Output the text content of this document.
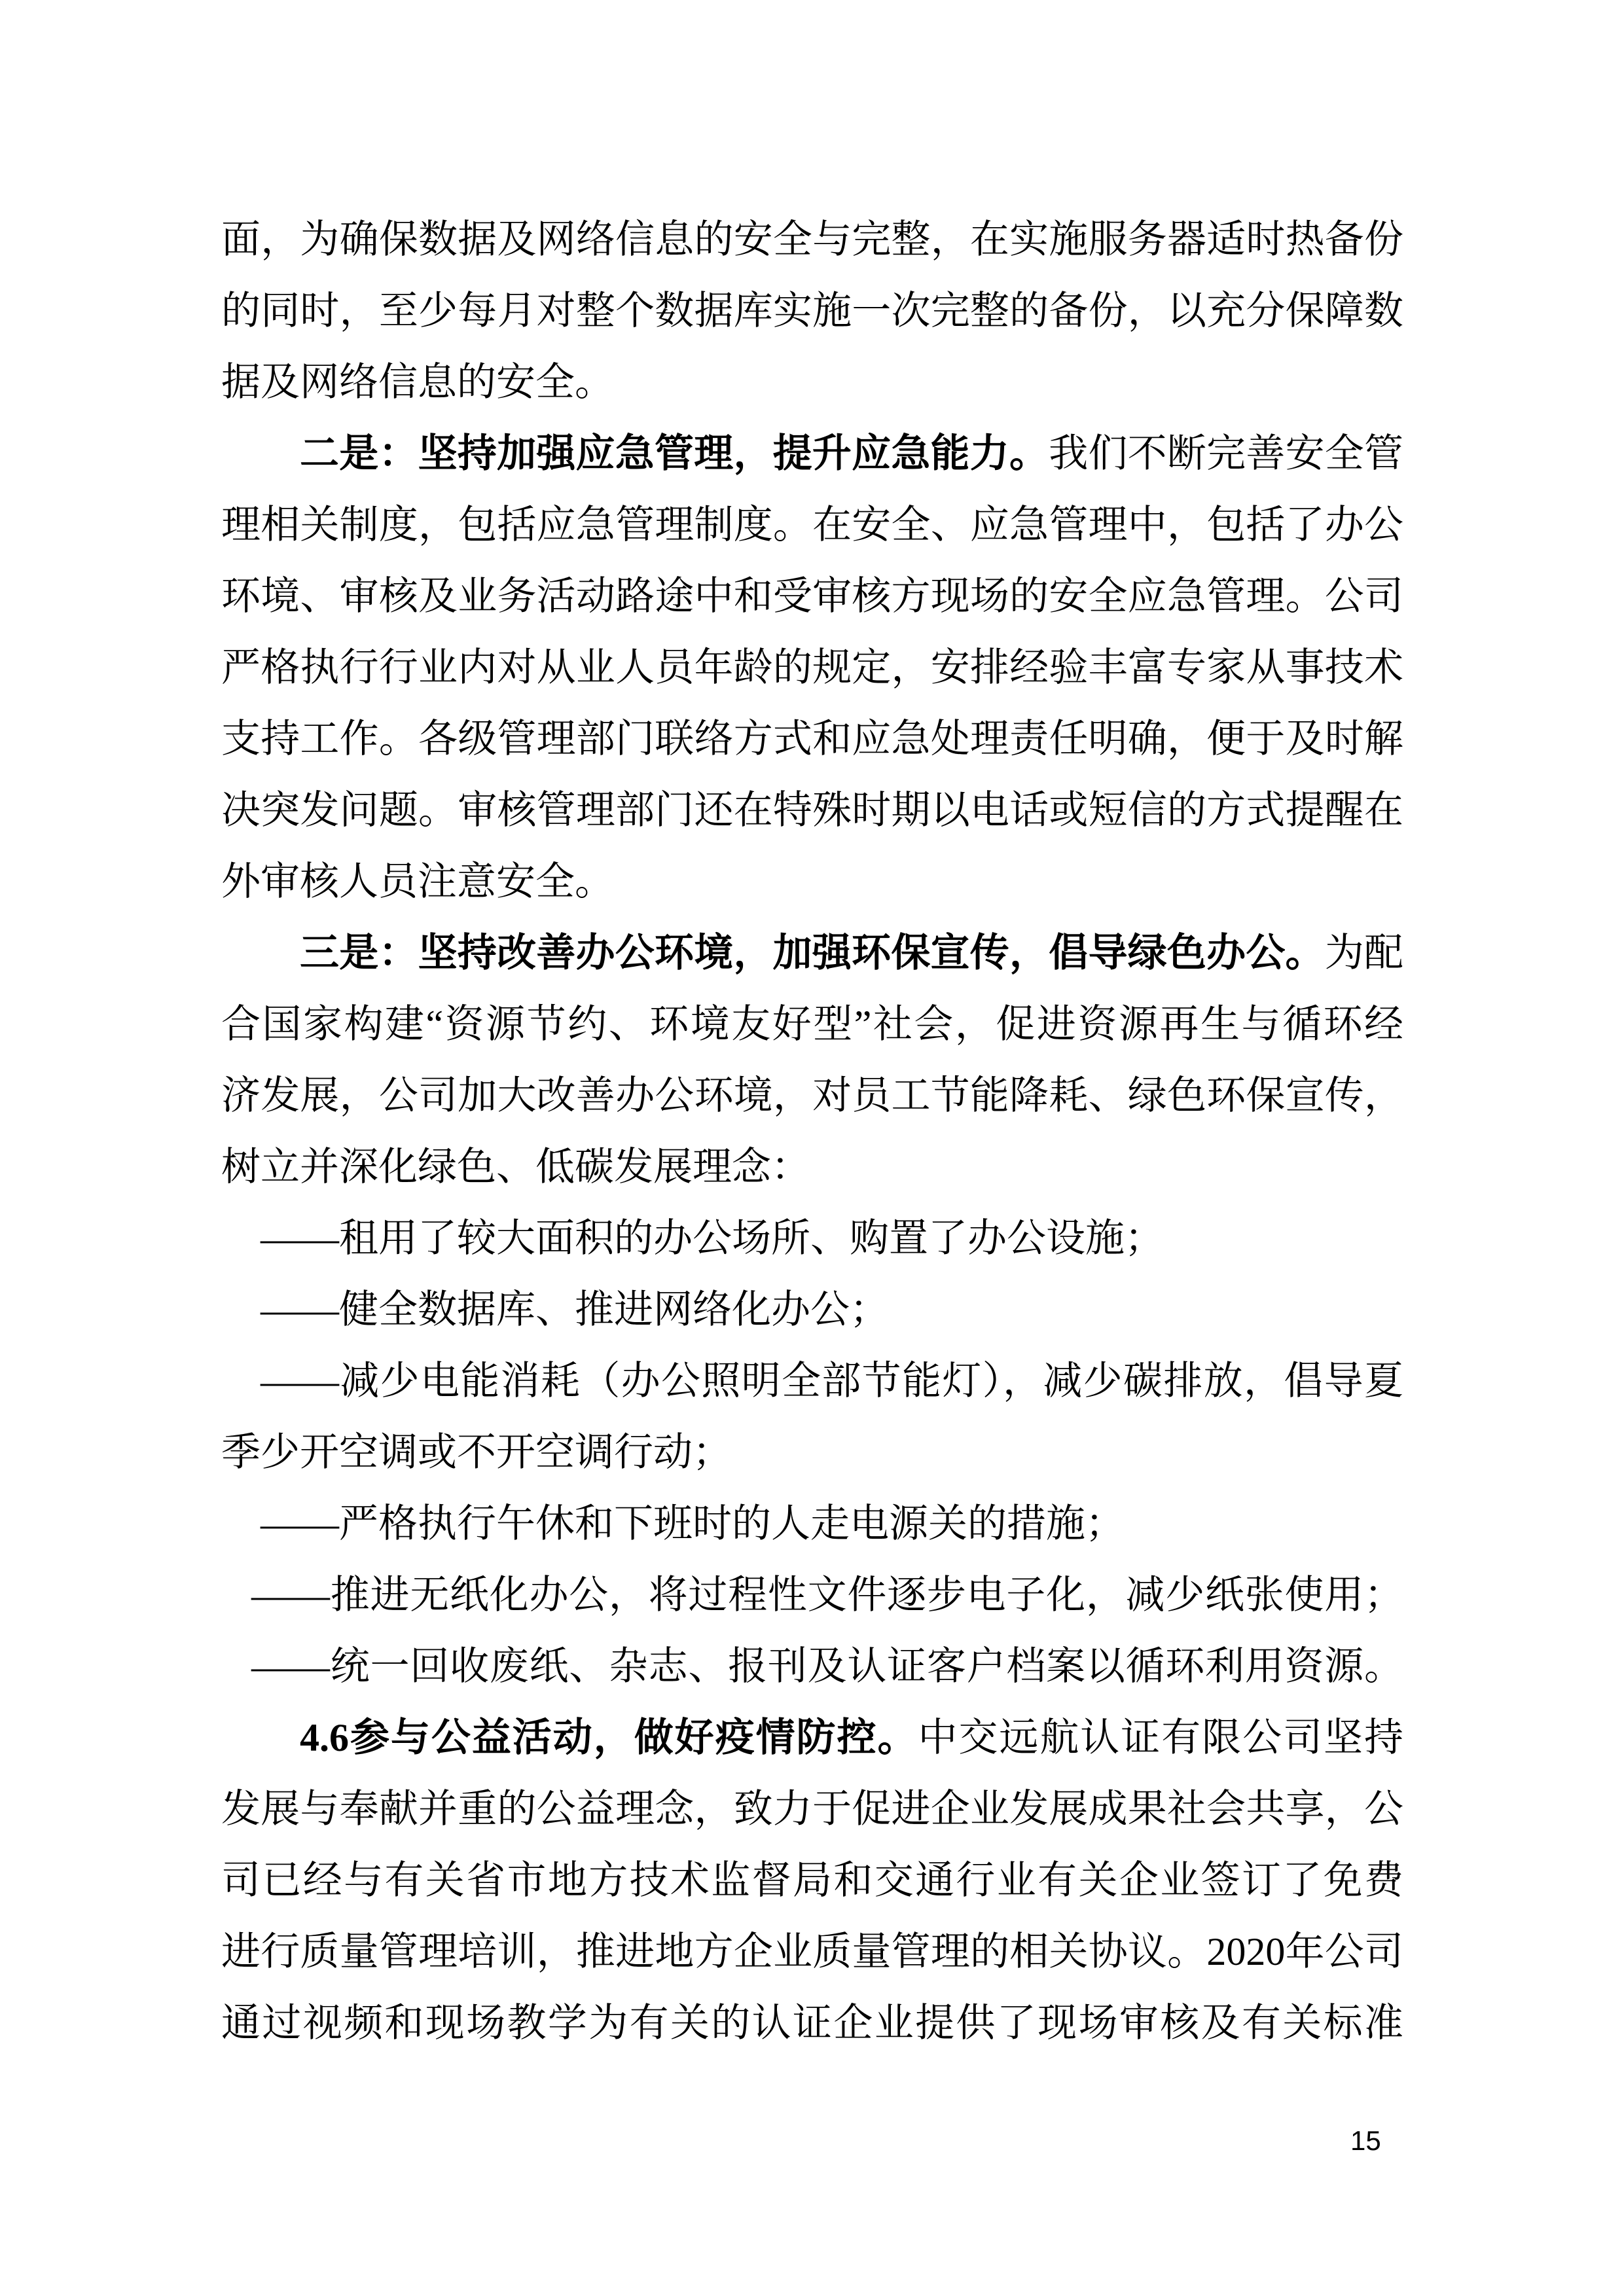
面，为确保数据及网络信息的安全与完整，在实施服务器适时热备份
的同时，至少每月对整个数据库实施一次完整的备份，以充分保障数
据及网络信息的安全。
二是：坚持加强应急管理，提升应急能力。我们不断完善安全管
理相关制度，包括应急管理制度。在安全、应急管理中，包括了办公
环境、审核及业务活动路途中和受审核方现场的安全应急管理。公司
严格执行行业内对从业人员年龄的规定，安排经验丰富专家从事技术
支持工作。各级管理部门联络方式和应急处理责任明确，便于及时解
决突发问题。审核管理部门还在特殊时期以电话或短信的方式提醒在
外审核人员注意安全。
三是：坚持改善办公环境，加强环保宣传，倡导绿色办公。为配
合国家构建“资源节约、环境友好型”社会，促进资源再生与循环经
济发展，公司加大改善办公环境，对员工节能降耗、绿色环保宣传，
树立并深化绿色、低碳发展理念：
——租用了较大面积的办公场所、购置了办公设施；
——健全数据库、推进网络化办公；
——减少电能消耗（办公照明全部节能灯），减少碳排放，倡导夏
季少开空调或不开空调行动；
——严格执行午休和下班时的人走电源关的措施；
——推进无纸化办公，将过程性文件逐步电子化，减少纸张使用；
——统一回收废纸、杂志、报刊及认证客户档案以循环利用资源。
4.6参与公益活动，做好疫情防控。中交远航认证有限公司坚持
发展与奉献并重的公益理念，致力于促进企业发展成果社会共享，公
司已经与有关省市地方技术监督局和交通行业有关企业签订了免费
进行质量管理培训，推进地方企业质量管理的相关协议。2020年公司
通过视频和现场教学为有关的认证企业提供了现场审核及有关标准
15
